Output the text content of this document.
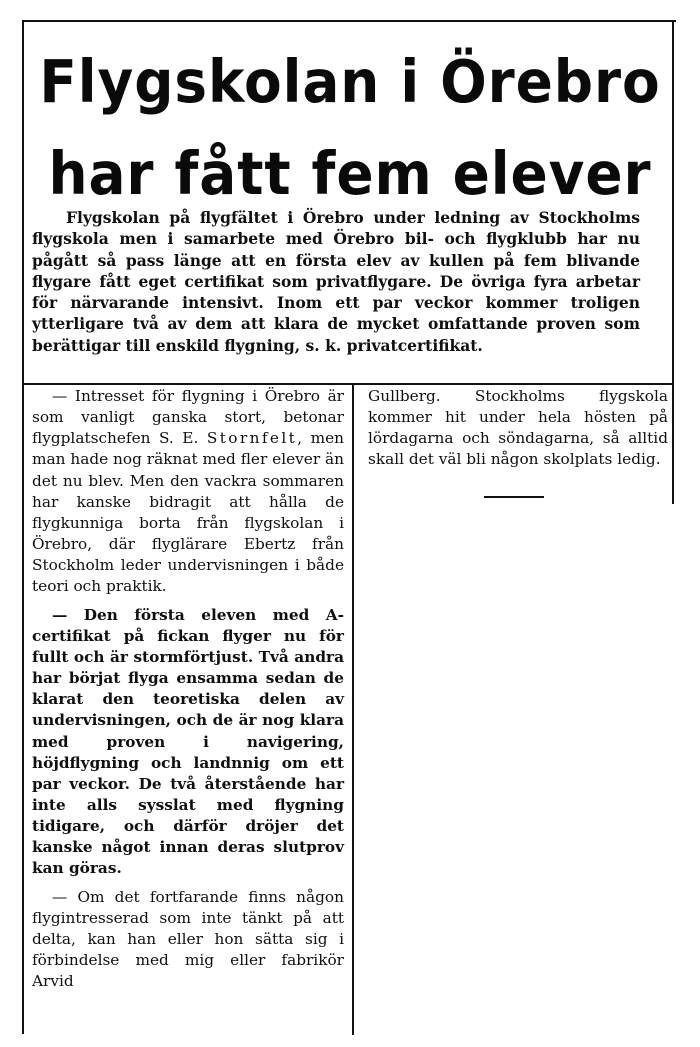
Flygskolan i Örebro
har fått fem elever
Flygskolan på flygfältet i Örebro under ledning av Stockholms flygskola men i samarbete med Örebro bil- och flygklubb har nu pågått så pass länge att en första elev av kullen på fem blivande flygare fått eget certifikat som privatflygare. De övriga fyra arbetar för närvarande intensivt. Inom ett par veckor kommer troligen ytterligare två av dem att klara de mycket omfattande proven som berättigar till enskild flygning, s. k. privatcertifikat.

— Intresset för flygning i Örebro är som vanligt ganska stort, betonar flygplatschefen S. E. Stornfelt, men man hade nog räknat med fler elever än det nu blev. Men den vackra sommaren har kanske bidragit att hålla de flygkunniga borta från flygskolan i Örebro, där flyglärare Ebertz från Stockholm leder undervisningen i både teori och praktik.

— Den första eleven med A-certifikat på fickan flyger nu för fullt och är stormförtjust. Två andra har börjat flyga ensamma sedan de klarat den teoretiska delen av undervisningen, och de är nog klara med proven i navigering, höjdflygning och landnnig om ett par veckor. De två återstående har inte alls sysslat med flygning tidigare, och därför dröjer det kanske något innan deras slutprov kan göras.

— Om det fortfarande finns någon flygintresserad som inte tänkt på att delta, kan han eller hon sätta sig i förbindelse med mig eller fabrikör Arvid

Gullberg. Stockholms flygskola kommer hit under hela hösten på lördagarna och söndagarna, så alltid skall det väl bli någon skolplats ledig.
